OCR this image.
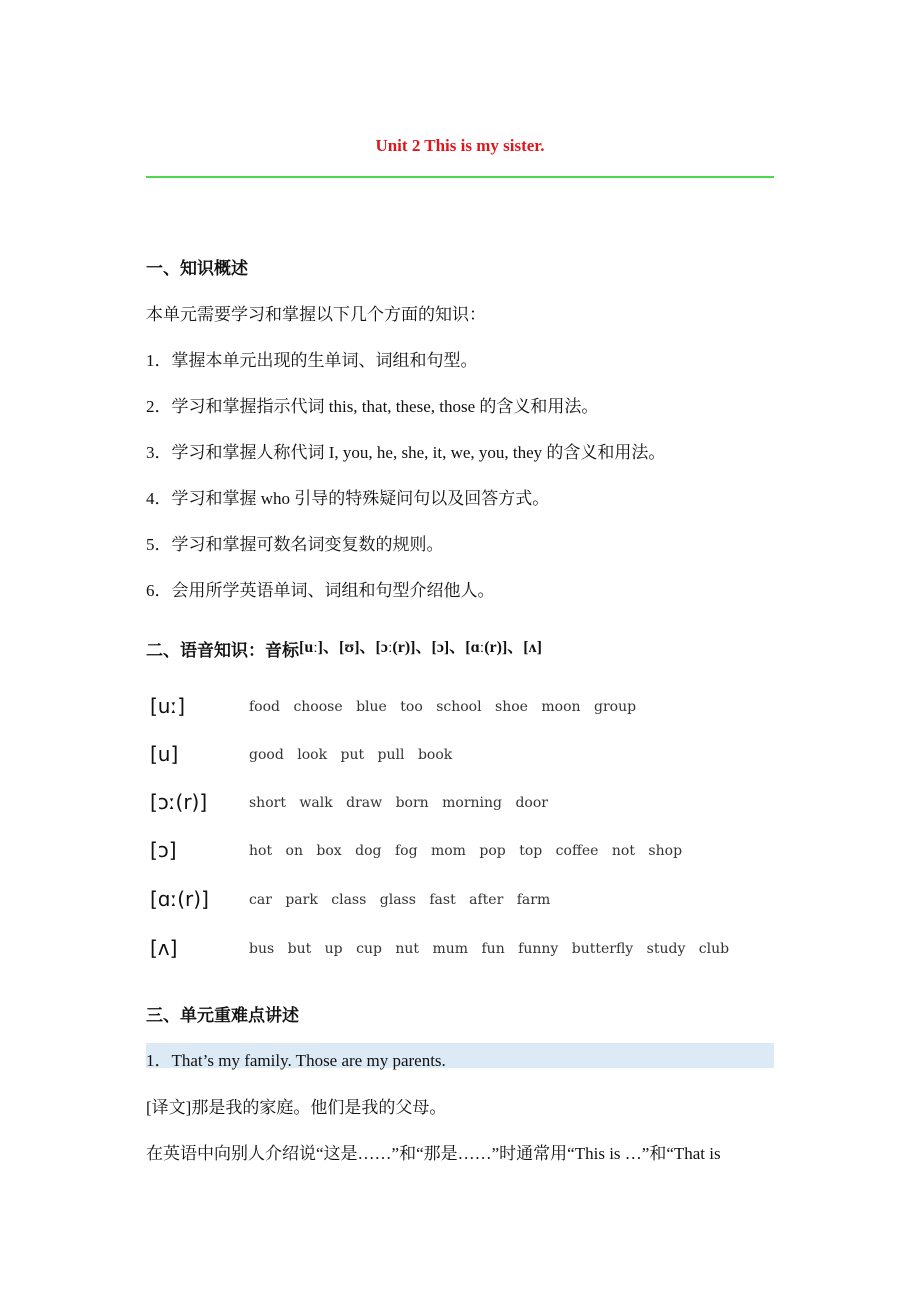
Unit 2 This is my sister.
一、知识概述
本单元需要学习和掌握以下几个方面的知识：
1．掌握本单元出现的生单词、词组和句型。
2．学习和掌握指示代词 this, that, these, those 的含义和用法。
3．学习和掌握人称代词 I, you, he, she, it, we, you, they 的含义和用法。
4．学习和掌握 who 引导的特殊疑问句以及回答方式。
5．学习和掌握可数名词变复数的规则。
6．会用所学英语单词、词组和句型介绍他人。
二、语音知识：音标[uː]、[ʊ]、[ɔː(r)]、[ɔ]、[ɑː(r)]、[ʌ]
[uː]	food choose blue too school shoe moon group
[u]	good look put pull book
[ɔː(r)]	short walk draw born morning door
[ɔ]	hot on box dog fog mom pop top coffee not shop
[ɑː(r)]	car park class glass fast after farm
[ʌ]	bus but up cup nut mum fun funny butterfly study club
三、单元重难点讲述
1．That’s my family. Those are my parents.
[译文]那是我的家庭。他们是我的父母。
在英语中向别人介绍说“这是……”和“那是……”时通常用“This is …”和“That is
